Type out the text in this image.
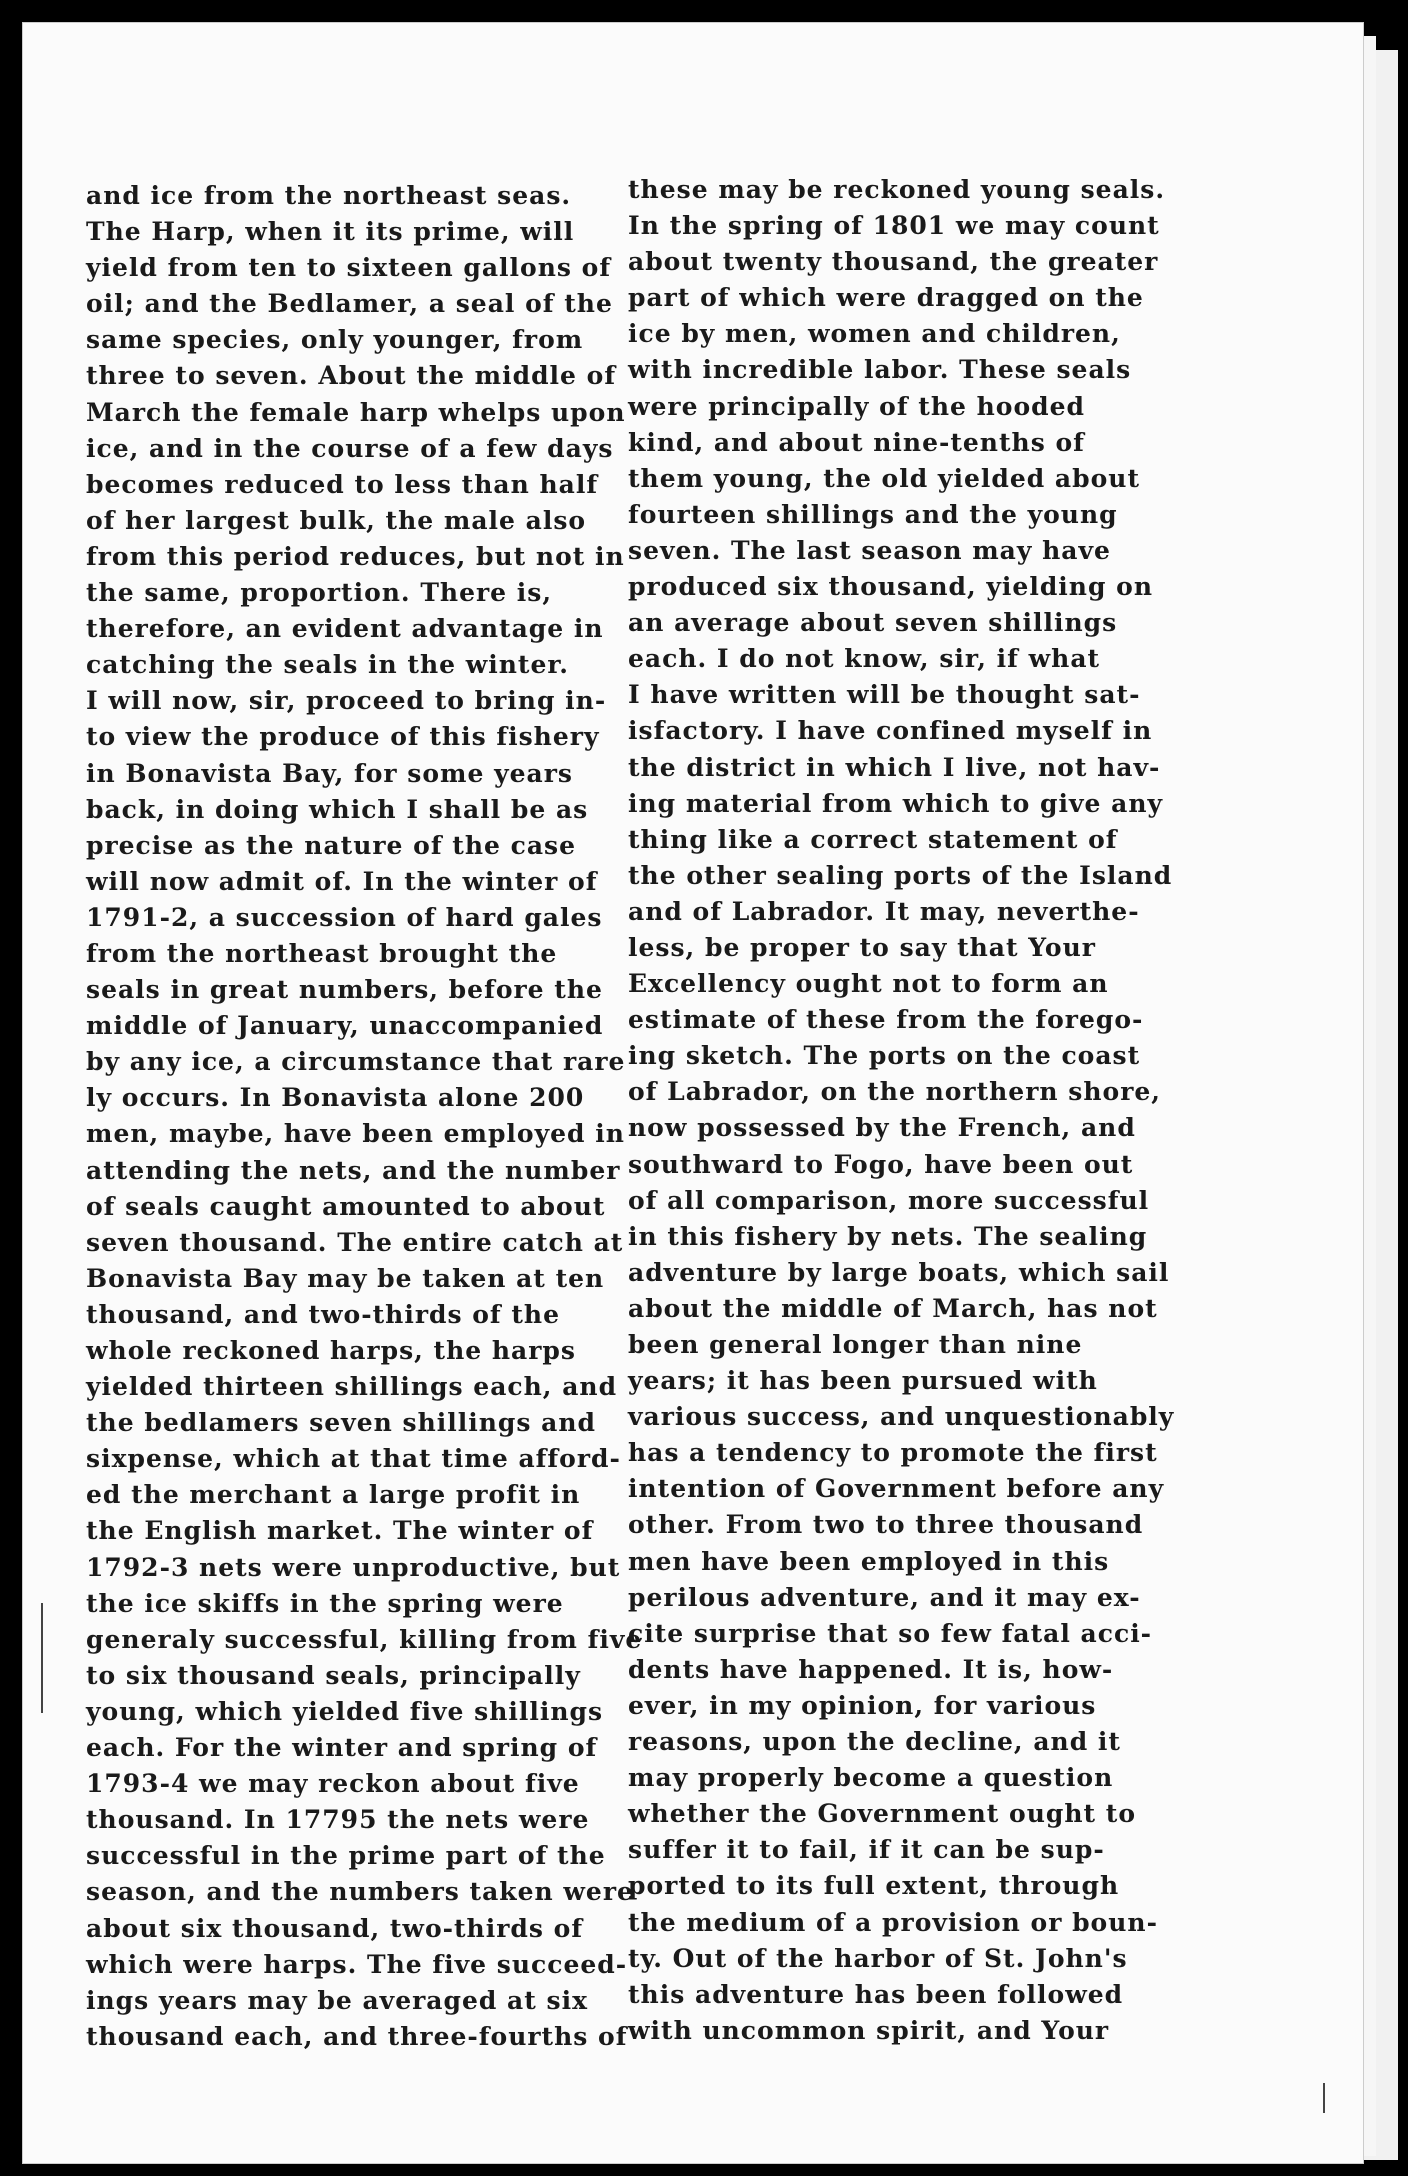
and ice from the northeast seas.
The Harp, when it its prime, will
yield from ten to sixteen gallons of
oil; and the Bedlamer, a seal of the
same species, only younger, from
three to seven. About the middle of
March the female harp whelps upon
ice, and in the course of a few days
becomes reduced to less than half
of her largest bulk, the male also
from this period reduces, but not in
the same, proportion. There is,
therefore, an evident advantage in
catching the seals in the winter.
I will now, sir, proceed to bring in-
to view the produce of this fishery
in Bonavista Bay, for some years
back, in doing which I shall be as
precise as the nature of the case
will now admit of. In the winter of
1791-2, a succession of hard gales
from the northeast brought the
seals in great numbers, before the
middle of January, unaccompanied
by any ice, a circumstance that rare
ly occurs. In Bonavista alone 200
men, maybe, have been employed in
attending the nets, and the number
of seals caught amounted to about
seven thousand. The entire catch at
Bonavista Bay may be taken at ten
thousand, and two-thirds of the
whole reckoned harps, the harps
yielded thirteen shillings each, and
the bedlamers seven shillings and
sixpense, which at that time afford-
ed the merchant a large profit in
the English market. The winter of
1792-3 nets were unproductive, but
the ice skiffs in the spring were
generaly successful, killing from five
to six thousand seals, principally
young, which yielded five shillings
each. For the winter and spring of
1793-4 we may reckon about five
thousand. In 17795 the nets were
successful in the prime part of the
season, and the numbers taken were
about six thousand, two-thirds of
which were harps. The five succeed-
ings years may be averaged at six
thousand each, and three-fourths of
these may be reckoned young seals.
In the spring of 1801 we may count
about twenty thousand, the greater
part of which were dragged on the
ice by men, women and children,
with incredible labor. These seals
were principally of the hooded
kind, and about nine-tenths of
them young, the old yielded about
fourteen shillings and the young
seven. The last season may have
produced six thousand, yielding on
an average about seven shillings
each. I do not know, sir, if what
I have written will be thought sat-
isfactory. I have confined myself in
the district in which I live, not hav-
ing material from which to give any
thing like a correct statement of
the other sealing ports of the Island
and of Labrador. It may, neverthe-
less, be proper to say that Your
Excellency ought not to form an
estimate of these from the forego-
ing sketch. The ports on the coast
of Labrador, on the northern shore,
now possessed by the French, and
southward to Fogo, have been out
of all comparison, more successful
in this fishery by nets. The sealing
adventure by large boats, which sail
about the middle of March, has not
been general longer than nine
years; it has been pursued with
various success, and unquestionably
has a tendency to promote the first
intention of Government before any
other. From two to three thousand
men have been employed in this
perilous adventure, and it may ex-
cite surprise that so few fatal acci-
dents have happened. It is, how-
ever, in my opinion, for various
reasons, upon the decline, and it
may properly become a question
whether the Government ought to
suffer it to fail, if it can be sup-
ported to its full extent, through
the medium of a provision or boun-
ty. Out of the harbor of St. John's
this adventure has been followed
with uncommon spirit, and Your
